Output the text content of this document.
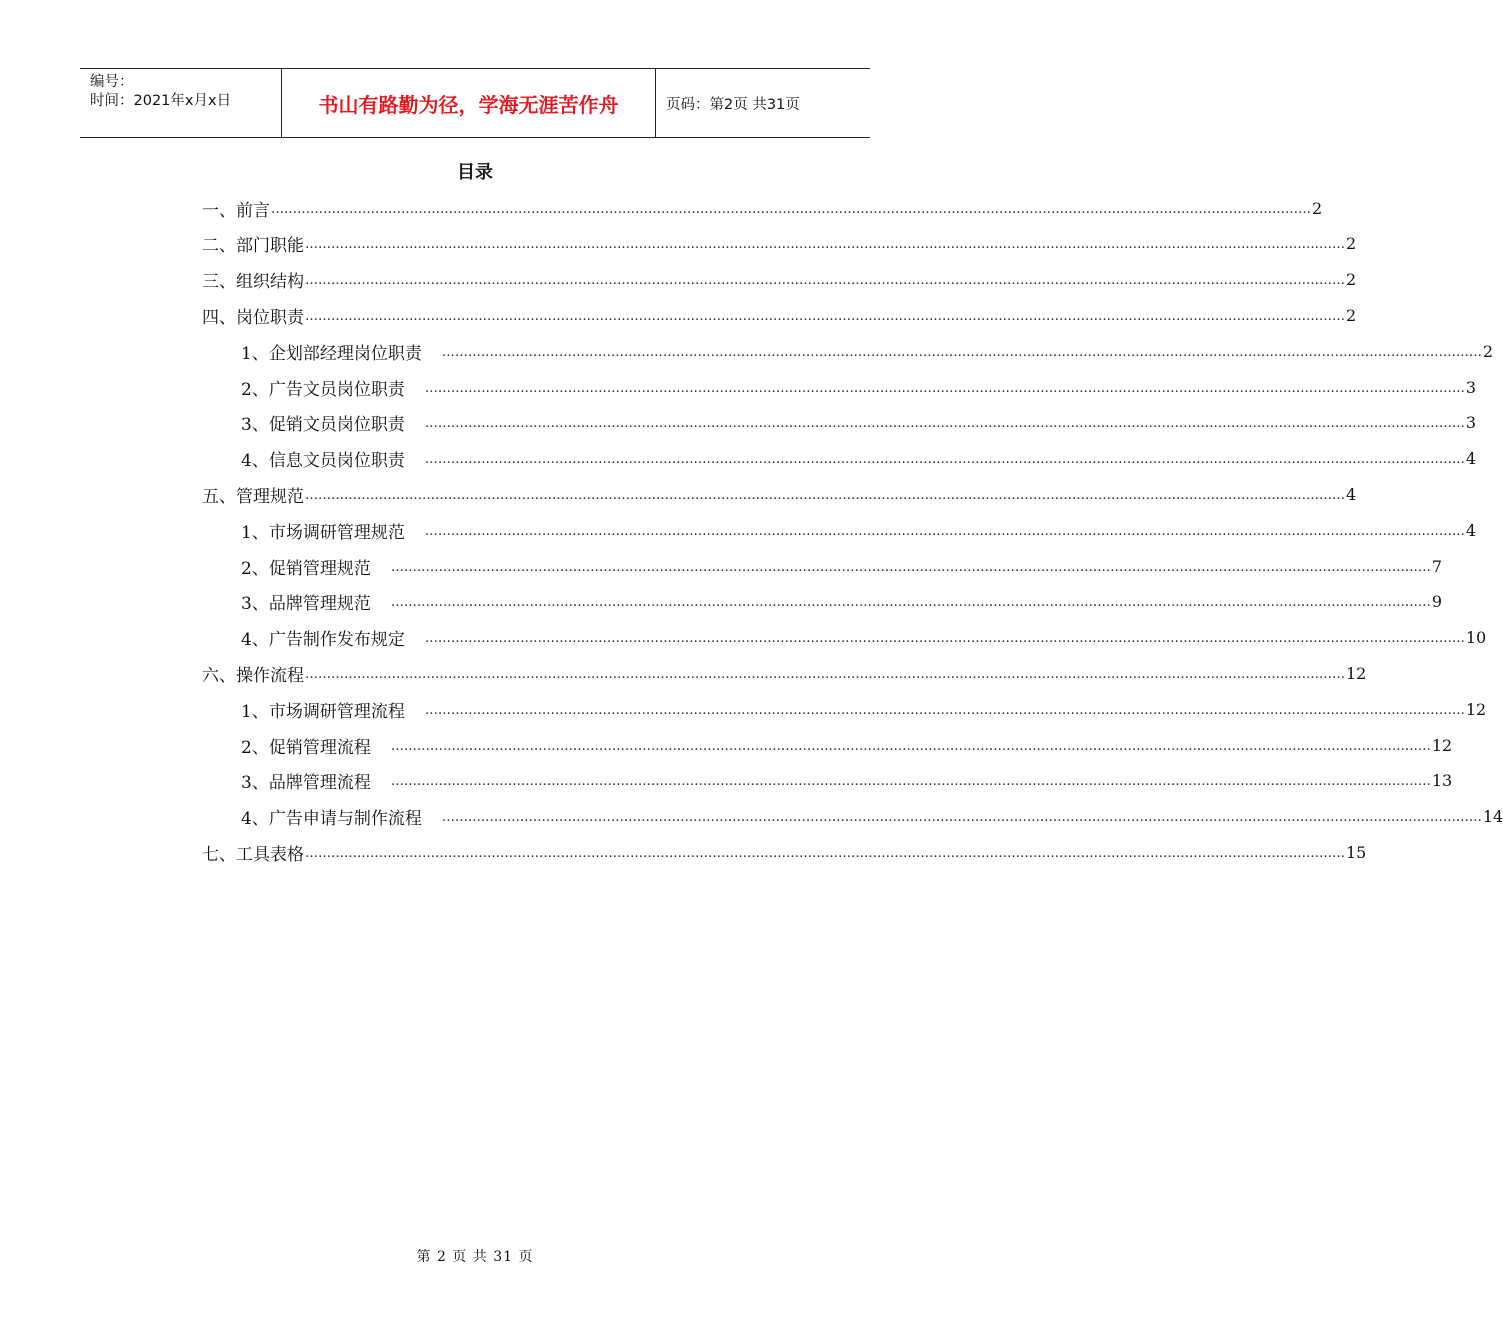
编号：
时间：2021年x月x日	书山有路勤为径，学海无涯苦作舟	页码：第2页 共31页
目录
一、前言 …………………………………………………………………………………………………………………………………………………………………………………………………………………… 2
二、部门职能 …………………………………………………………………………………………………………………………………………………………………………………………………………………… 2
三、组织结构 …………………………………………………………………………………………………………………………………………………………………………………………………………………… 2
四、岗位职责 …………………………………………………………………………………………………………………………………………………………………………………………………………………… 2
1、企划部经理岗位职责 …………………………………………………………………………………………………………………………………………………………………………………………………………………… 2
2、广告文员岗位职责 …………………………………………………………………………………………………………………………………………………………………………………………………………………… 3
3、促销文员岗位职责 …………………………………………………………………………………………………………………………………………………………………………………………………………………… 3
4、信息文员岗位职责 …………………………………………………………………………………………………………………………………………………………………………………………………………………… 4
五、管理规范 …………………………………………………………………………………………………………………………………………………………………………………………………………………… 4
1、市场调研管理规范 …………………………………………………………………………………………………………………………………………………………………………………………………………………… 4
2、促销管理规范 …………………………………………………………………………………………………………………………………………………………………………………………………………………… 7
3、品牌管理规范 …………………………………………………………………………………………………………………………………………………………………………………………………………………… 9
4、广告制作发布规定 …………………………………………………………………………………………………………………………………………………………………………………………………………………… 10
六、操作流程 …………………………………………………………………………………………………………………………………………………………………………………………………………………… 12
1、市场调研管理流程 …………………………………………………………………………………………………………………………………………………………………………………………………………………… 12
2、促销管理流程 …………………………………………………………………………………………………………………………………………………………………………………………………………………… 12
3、品牌管理流程 …………………………………………………………………………………………………………………………………………………………………………………………………………………… 13
4、广告申请与制作流程 …………………………………………………………………………………………………………………………………………………………………………………………………………………… 14
七、工具表格 …………………………………………………………………………………………………………………………………………………………………………………………………………………… 15
第 2 页 共 31 页
